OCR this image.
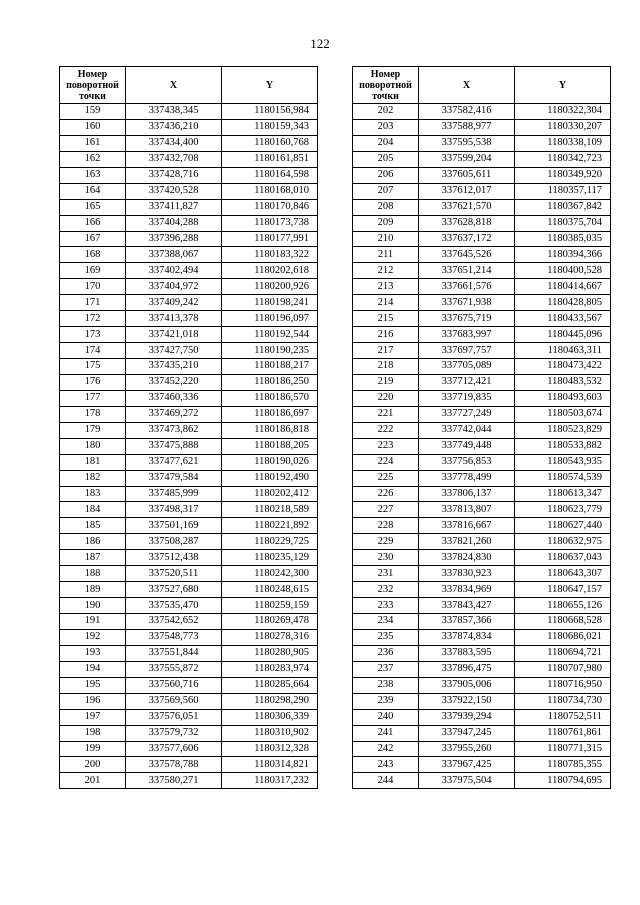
122
Номер поворотной точки	X	Y
159	337438,345	1180156,984
160	337436,210	1180159,343
161	337434,400	1180160,768
162	337432,708	1180161,851
163	337428,716	1180164,598
164	337420,528	1180168,010
165	337411,827	1180170,846
166	337404,288	1180173,738
167	337396,288	1180177,991
168	337388,067	1180183,322
169	337402,494	1180202,618
170	337404,972	1180200,926
171	337409,242	1180198,241
172	337413,378	1180196,097
173	337421,018	1180192,544
174	337427,750	1180190,235
175	337435,210	1180188,217
176	337452,220	1180186,250
177	337460,336	1180186,570
178	337469,272	1180186,697
179	337473,862	1180186,818
180	337475,888	1180188,205
181	337477,621	1180190,026
182	337479,584	1180192,490
183	337485,999	1180202,412
184	337498,317	1180218,589
185	337501,169	1180221,892
186	337508,287	1180229,725
187	337512,438	1180235,129
188	337520,511	1180242,300
189	337527,680	1180248,615
190	337535,470	1180259,159
191	337542,652	1180269,478
192	337548,773	1180278,316
193	337551,844	1180280,905
194	337555,872	1180283,974
195	337560,716	1180285,664
196	337569,560	1180298,290
197	337576,051	1180306,339
198	337579,732	1180310,902
199	337577,606	1180312,328
200	337578,788	1180314,821
201	337580,271	1180317,232
Номер поворотной точки	X	Y
202	337582,416	1180322,304
203	337588,977	1180330,207
204	337595,538	1180338,109
205	337599,204	1180342,723
206	337605,611	1180349,920
207	337612,017	1180357,117
208	337621,570	1180367,842
209	337628,818	1180375,704
210	337637,172	1180385,035
211	337645,526	1180394,366
212	337651,214	1180400,528
213	337661,576	1180414,667
214	337671,938	1180428,805
215	337675,719	1180433,567
216	337683,997	1180445,096
217	337697,757	1180463,311
218	337705,089	1180473,422
219	337712,421	1180483,532
220	337719,835	1180493,603
221	337727,249	1180503,674
222	337742,044	1180523,829
223	337749,448	1180533,882
224	337756,853	1180543,935
225	337778,499	1180574,539
226	337806,137	1180613,347
227	337813,807	1180623,779
228	337816,667	1180627,440
229	337821,260	1180632,975
230	337824,830	1180637,043
231	337830,923	1180643,307
232	337834,969	1180647,157
233	337843,427	1180655,126
234	337857,366	1180668,528
235	337874,834	1180686,021
236	337883,595	1180694,721
237	337896,475	1180707,980
238	337905,006	1180716,950
239	337922,150	1180734,730
240	337939,294	1180752,511
241	337947,245	1180761,861
242	337955,260	1180771,315
243	337967,425	1180785,355
244	337975,504	1180794,695
